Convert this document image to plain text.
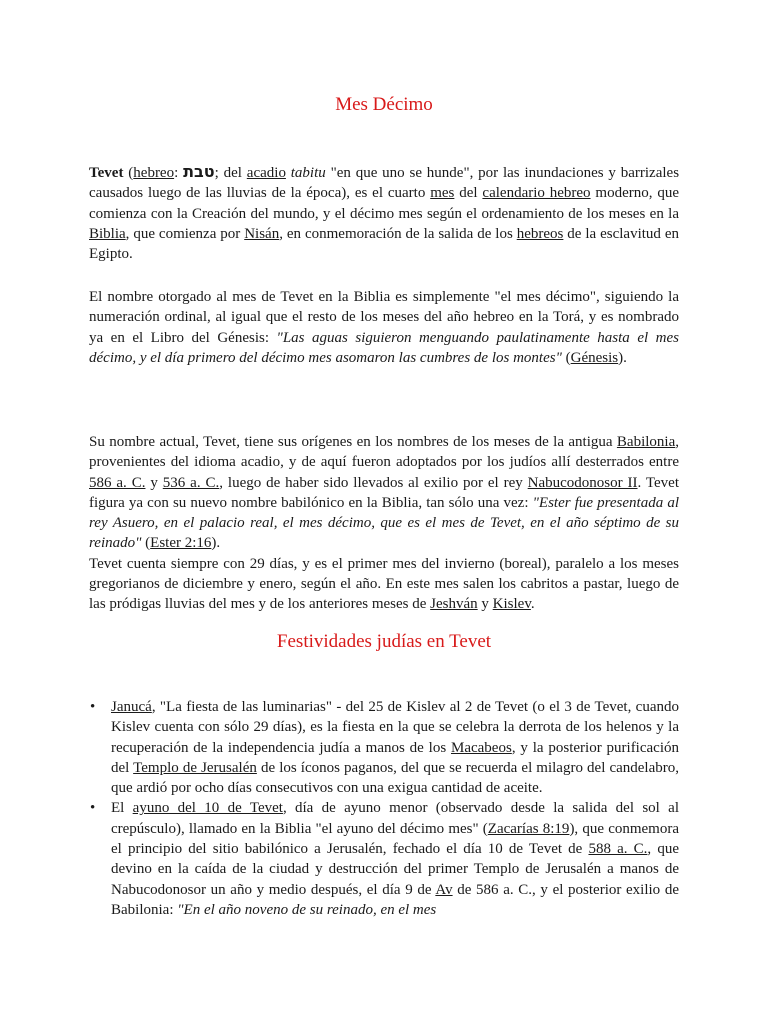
Mes Décimo

Tevet (hebreo: טבת; del acadio tabitu "en que uno se hunde", por las inundaciones y barrizales causados luego de las lluvias de la época), es el cuarto mes del calendario hebreo moderno, que comienza con la Creación del mundo, y el décimo mes según el ordenamiento de los meses en la Biblia, que comienza por Nisán, en conmemoración de la salida de los hebreos de la esclavitud en Egipto.

El nombre otorgado al mes de Tevet en la Biblia es simplemente "el mes décimo", siguiendo la numeración ordinal, al igual que el resto de los meses del año hebreo en la Torá, y es nombrado ya en el Libro del Génesis: "Las aguas siguieron menguando paulatinamente hasta el mes décimo, y el día primero del décimo mes asomaron las cumbres de los montes" (Génesis).

Su nombre actual, Tevet, tiene sus orígenes en los nombres de los meses de la antigua Babilonia, provenientes del idioma acadio, y de aquí fueron adoptados por los judíos allí desterrados entre 586 a. C. y 536 a. C., luego de haber sido llevados al exilio por el rey Nabucodonosor II. Tevet figura ya con su nuevo nombre babilónico en la Biblia, tan sólo una vez: "Ester fue presentada al rey Asuero, en el palacio real, el mes décimo, que es el mes de Tevet, en el año séptimo de su reinado" (Ester 2:16).
Tevet cuenta siempre con 29 días, y es el primer mes del invierno (boreal), paralelo a los meses gregorianos de diciembre y enero, según el año. En este mes salen los cabritos a pastar, luego de las pródigas lluvias del mes y de los anteriores meses de Jeshván y Kislev.

Festividades judías en Tevet
• Janucá, "La fiesta de las luminarias" - del 25 de Kislev al 2 de Tevet (o el 3 de Tevet, cuando Kislev cuenta con sólo 29 días), es la fiesta en la que se celebra la derrota de los helenos y la recuperación de la independencia judía a manos de los Macabeos, y la posterior purificación del Templo de Jerusalén de los íconos paganos, del que se recuerda el milagro del candelabro, que ardió por ocho días consecutivos con una exigua cantidad de aceite.
• El ayuno del 10 de Tevet, día de ayuno menor (observado desde la salida del sol al crepúsculo), llamado en la Biblia "el ayuno del décimo mes" (Zacarías 8:19), que conmemora el principio del sitio babilónico a Jerusalén, fechado el día 10 de Tevet de 588 a. C., que devino en la caída de la ciudad y destrucción del primer Templo de Jerusalén a manos de Nabucodonosor un año y medio después, el día 9 de Av de 586 a. C., y el posterior exilio de Babilonia: "En el año noveno de su reinado, en el mes
